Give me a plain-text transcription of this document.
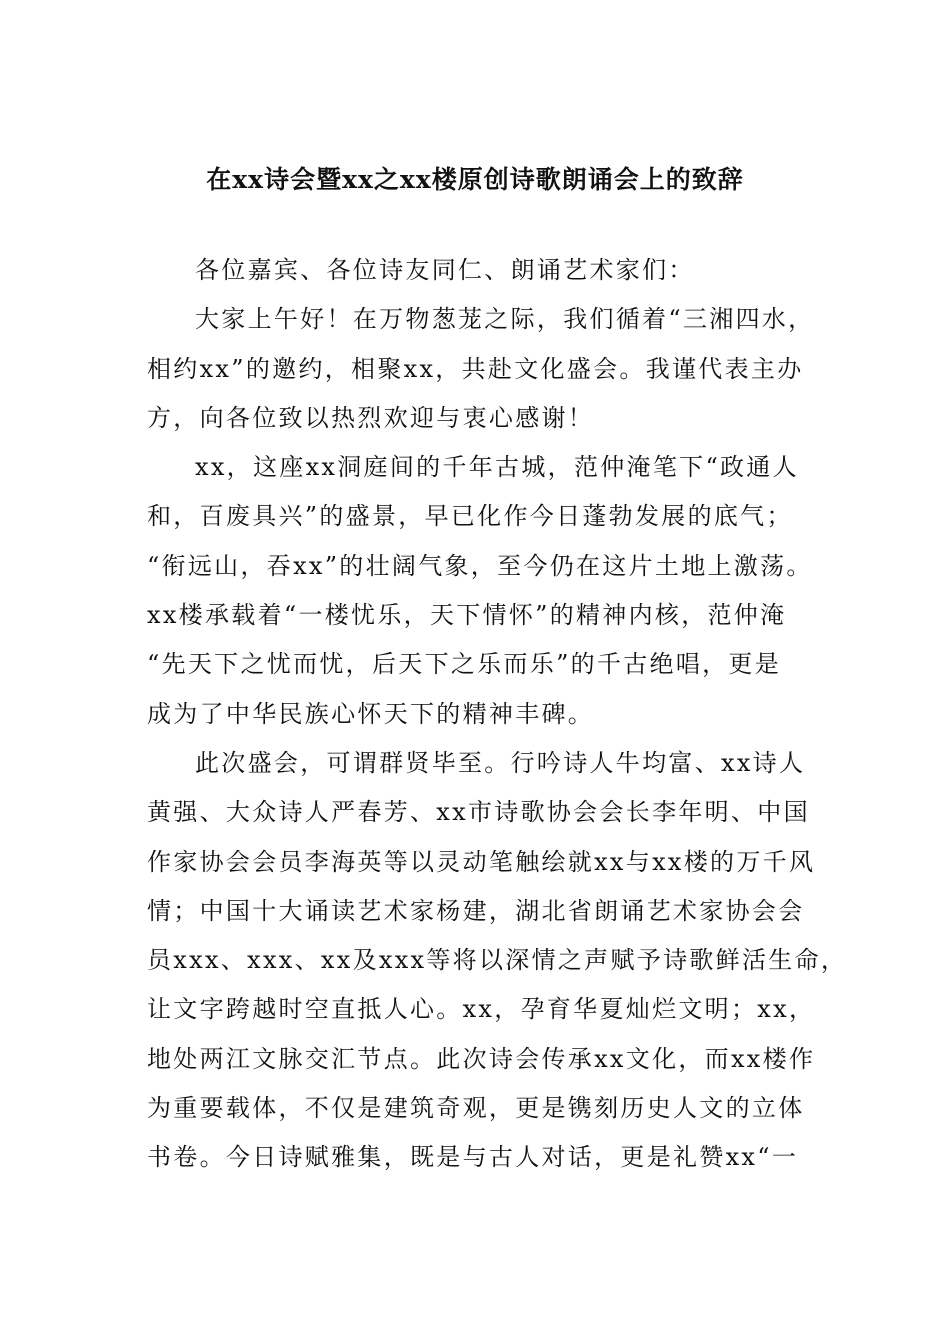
在xx诗会暨xx之xx楼原创诗歌朗诵会上的致辞
各位嘉宾、各位诗友同仁、朗诵艺术家们：
大家上午好！在万物葱茏之际，我们循着“三湘四水，
相约xx”的邀约，相聚xx，共赴文化盛会。我谨代表主办
方，向各位致以热烈欢迎与衷心感谢！
xx，这座xx洞庭间的千年古城，范仲淹笔下“政通人
和，百废具兴”的盛景，早已化作今日蓬勃发展的底气；
“衔远山，吞xx”的壮阔气象，至今仍在这片土地上激荡。
xx楼承载着“一楼忧乐，天下情怀”的精神内核，范仲淹
“先天下之忧而忧，后天下之乐而乐”的千古绝唱，更是
成为了中华民族心怀天下的精神丰碑。
此次盛会，可谓群贤毕至。行吟诗人牛均富、xx诗人
黄强、大众诗人严春芳、xx市诗歌协会会长李年明、中国
作家协会会员李海英等以灵动笔触绘就xx与xx楼的万千风
情；中国十大诵读艺术家杨建，湖北省朗诵艺术家协会会
员xxx、xxx、xx及xxx等将以深情之声赋予诗歌鲜活生命，
让文字跨越时空直抵人心。xx，孕育华夏灿烂文明；xx，
地处两江文脉交汇节点。此次诗会传承xx文化，而xx楼作
为重要载体，不仅是建筑奇观，更是镌刻历史人文的立体
书卷。今日诗赋雅集，既是与古人对话，更是礼赞xx“一
